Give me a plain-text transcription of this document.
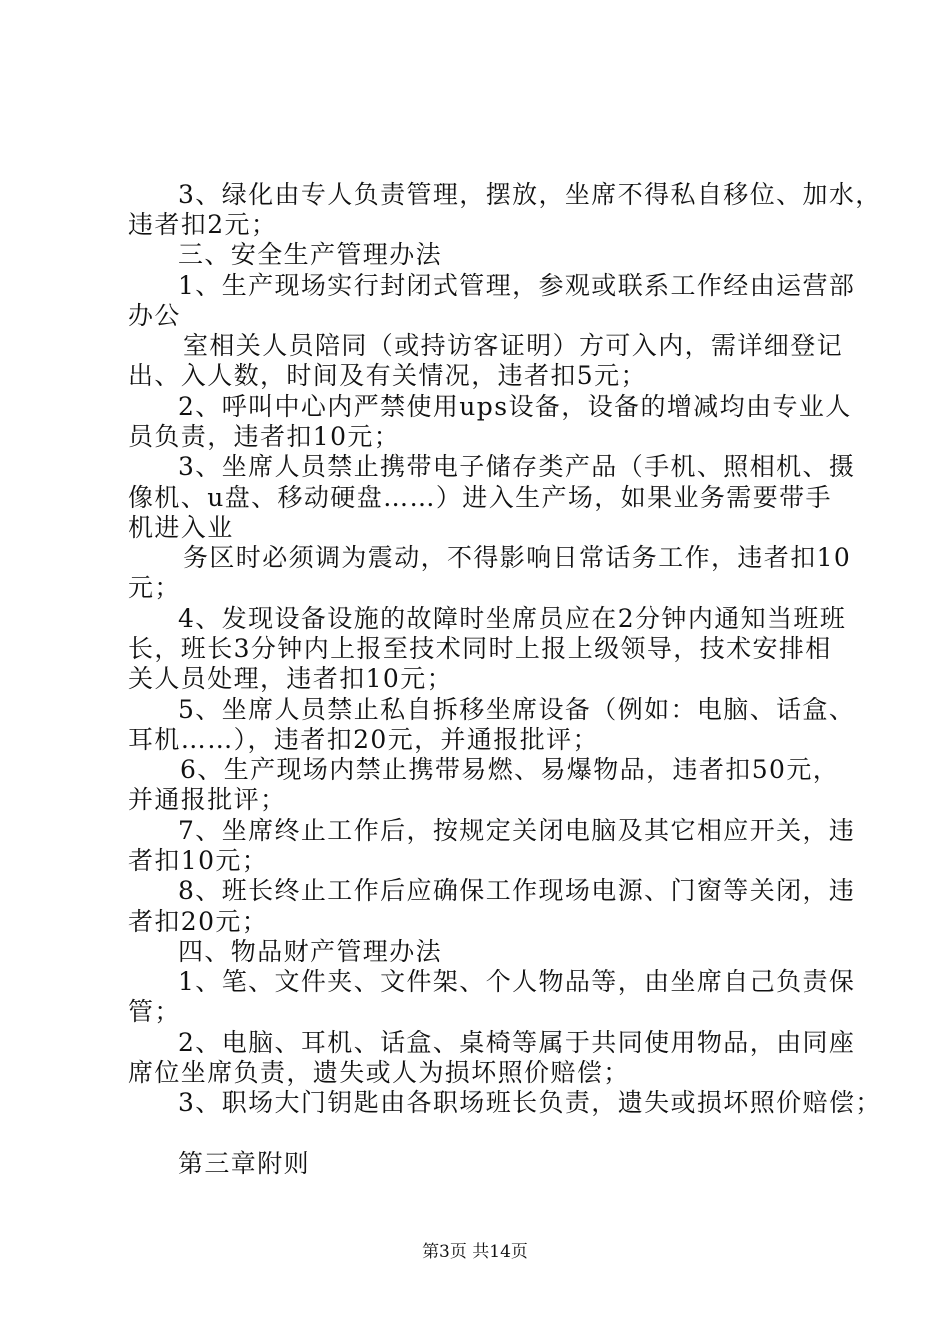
3、绿化由专人负责管理，摆放，坐席不得私自移位、加水，
违者扣2元；
三、安全生产管理办法
1、生产现场实行封闭式管理，参观或联系工作经由运营部
办公
室相关人员陪同（或持访客证明）方可入内，需详细登记
出、入人数，时间及有关情况，违者扣5元；
2、呼叫中心内严禁使用ups设备，设备的增减均由专业人
员负责，违者扣10元；
3、坐席人员禁止携带电子储存类产品（手机、照相机、摄
像机、u盘、移动硬盘……）进入生产场，如果业务需要带手
机进入业
务区时必须调为震动，不得影响日常话务工作，违者扣10
元；
4、发现设备设施的故障时坐席员应在2分钟内通知当班班
长，班长3分钟内上报至技术同时上报上级领导，技术安排相
关人员处理，违者扣10元；
5、坐席人员禁止私自拆移坐席设备（例如：电脑、话盒、
耳机……），违者扣20元，并通报批评；
6、生产现场内禁止携带易燃、易爆物品，违者扣50元，
并通报批评；
7、坐席终止工作后，按规定关闭电脑及其它相应开关，违
者扣10元；
8、班长终止工作后应确保工作现场电源、门窗等关闭，违
者扣20元；
四、物品财产管理办法
1、笔、文件夹、文件架、个人物品等，由坐席自己负责保
管；
2、电脑、耳机、话盒、桌椅等属于共同使用物品，由同座
席位坐席负责，遗失或人为损坏照价赔偿；
3、职场大门钥匙由各职场班长负责，遗失或损坏照价赔偿；
第三章附则
第3页 共14页
